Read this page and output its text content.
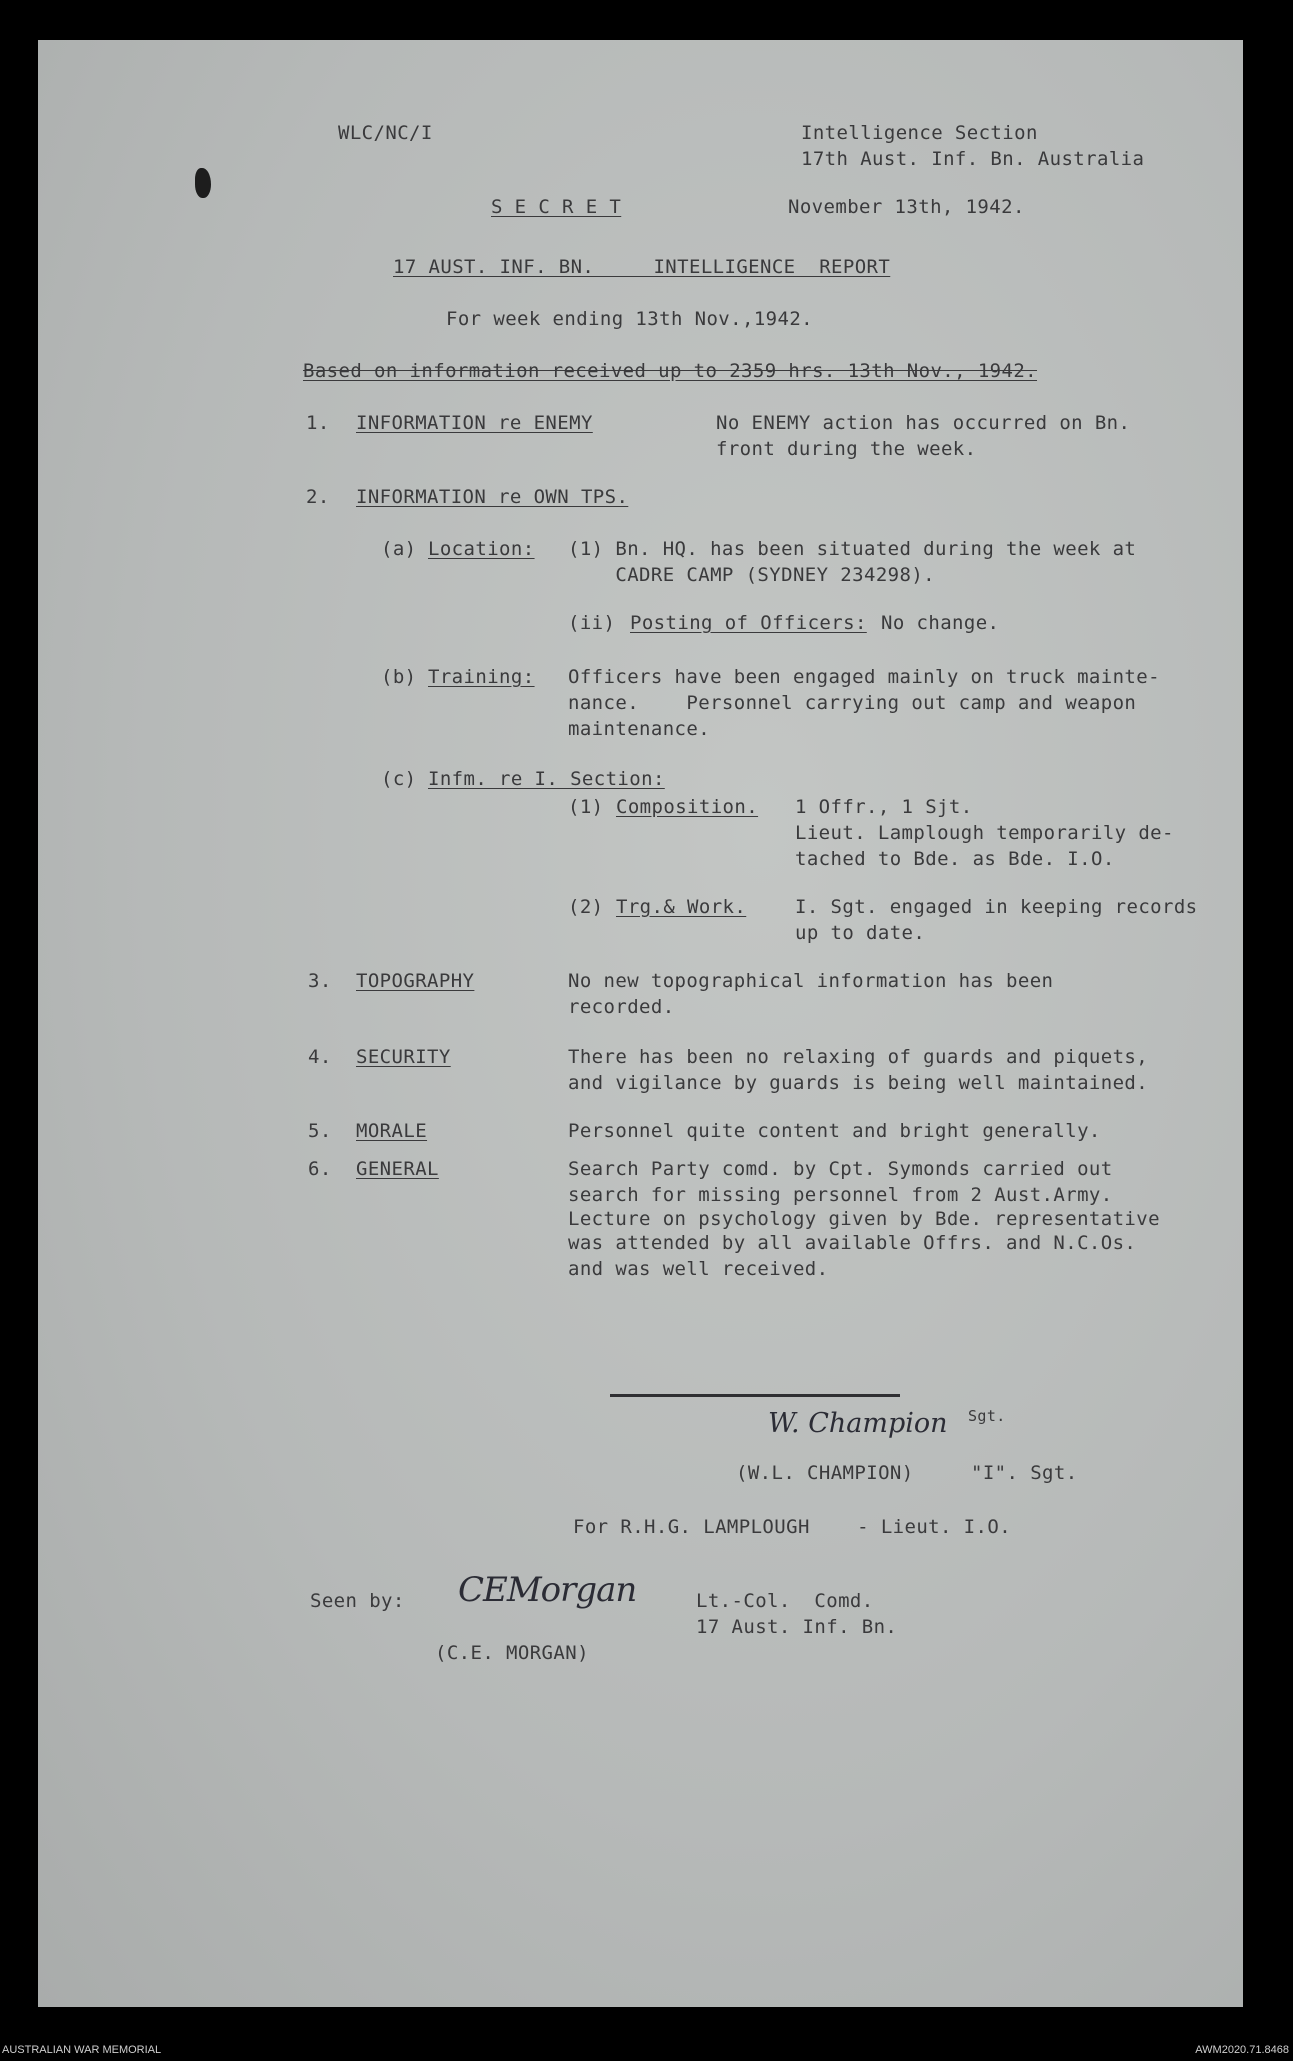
WLC/NC/I	Intelligence Section
17th Aust. Inf. Bn. Australia
S E C R E T	November 13th, 1942.
17 AUST. INF. BN.     INTELLIGENCE  REPORT
For week ending 13th Nov.,1942.
Based on information received up to 2359 hrs. 13th Nov., 1942.
1. INFORMATION re ENEMY	No ENEMY action has occurred on Bn.
front during the week.
2. INFORMATION re OWN TPS.
(a) Location: (1) Bn. HQ. has been situated during the week at
CADRE CAMP (SYDNEY 234298).
(ii) Posting of Officers: No change.
(b) Training: Officers have been engaged mainly on truck mainte-
nance.    Personnel carrying out camp and weapon
maintenance.
(c) Infm. re I. Section:
(1) Composition. 1 Offr., 1 Sjt.
Lieut. Lamplough temporarily de-
tached to Bde. as Bde. I.O.
(2) Trg.& Work.	I. Sgt. engaged in keeping records
up to date.
3. TOPOGRAPHY	No new topographical information has been
recorded.
4. SECURITY	There has been no relaxing of guards and piquets,
and vigilance by guards is being well maintained.
5. MORALE	Personnel quite content and bright generally.
6. GENERAL	Search Party comd. by Cpt. Symonds carried out
search for missing personnel from 2 Aust.Army.
Lecture on psychology given by Bde. representative
was attended by all available Offrs. and N.C.Os.
and was well received.
W. Champion Sgt.
(W.L. CHAMPION)	"I". Sgt.
For R.H.G. LAMPLOUGH    - Lieut. I.O.
Seen by: CEMorgan	Lt.-Col.  Comd.
17 Aust. Inf. Bn.
(C.E. MORGAN)
AUSTRALIAN WAR MEMORIAL	AWM2020.71.8468
